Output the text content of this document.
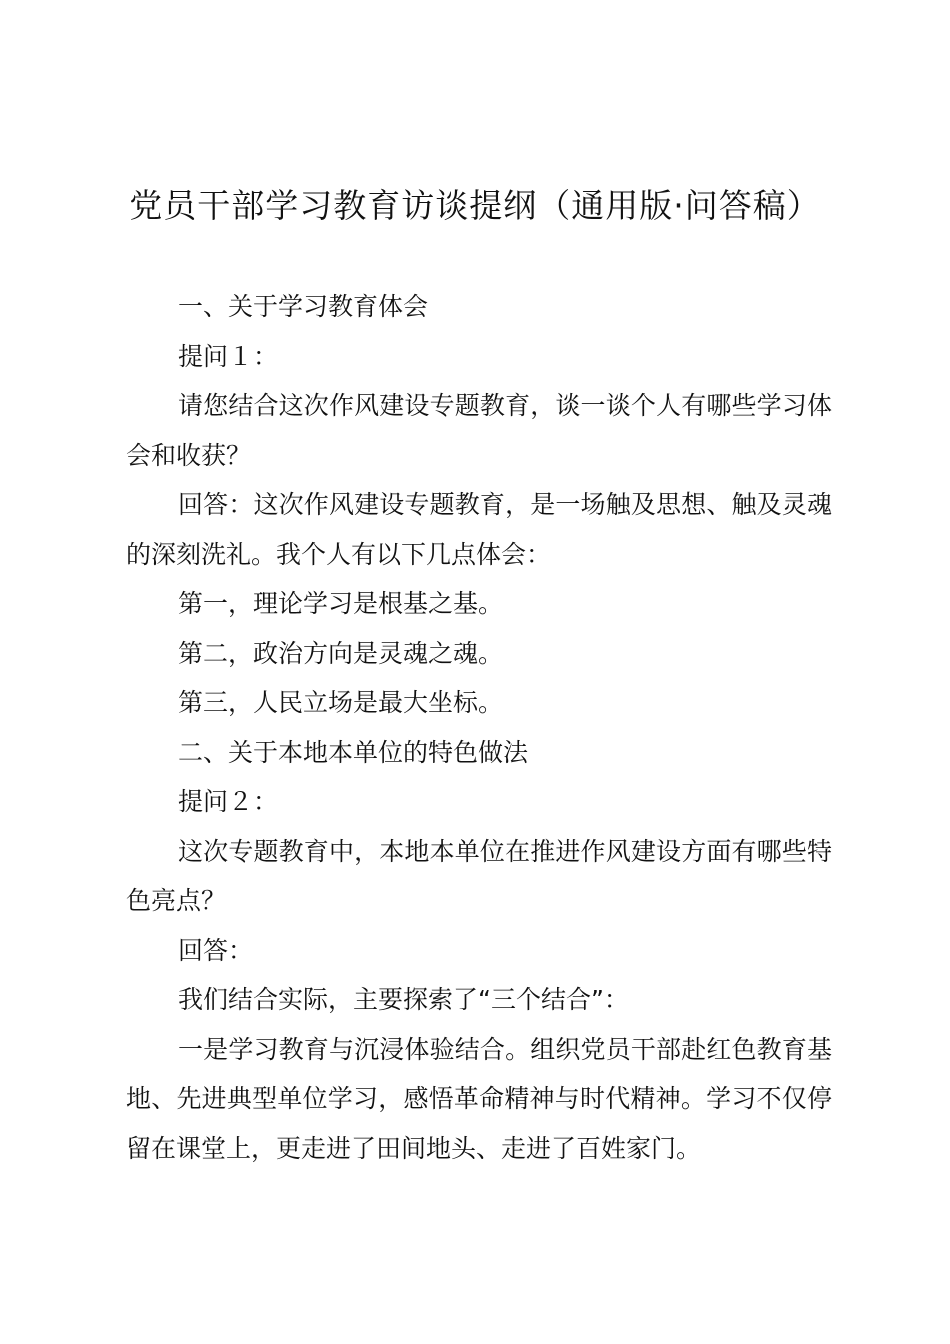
党员干部学习教育访谈提纲（通用版·问答稿）

一、关于学习教育体会

提问１：

请您结合这次作风建设专题教育，谈一谈个人有哪些学习体会和收获？

回答：这次作风建设专题教育，是一场触及思想、触及灵魂的深刻洗礼。我个人有以下几点体会：

第一，理论学习是根基之基。

第二，政治方向是灵魂之魂。

第三，人民立场是最大坐标。

二、关于本地本单位的特色做法

提问２：

这次专题教育中，本地本单位在推进作风建设方面有哪些特色亮点？

回答：

我们结合实际，主要探索了“三个结合”：

一是学习教育与沉浸体验结合。组织党员干部赴红色教育基地、先进典型单位学习，感悟革命精神与时代精神。学习不仅停留在课堂上，更走进了田间地头、走进了百姓家门。
